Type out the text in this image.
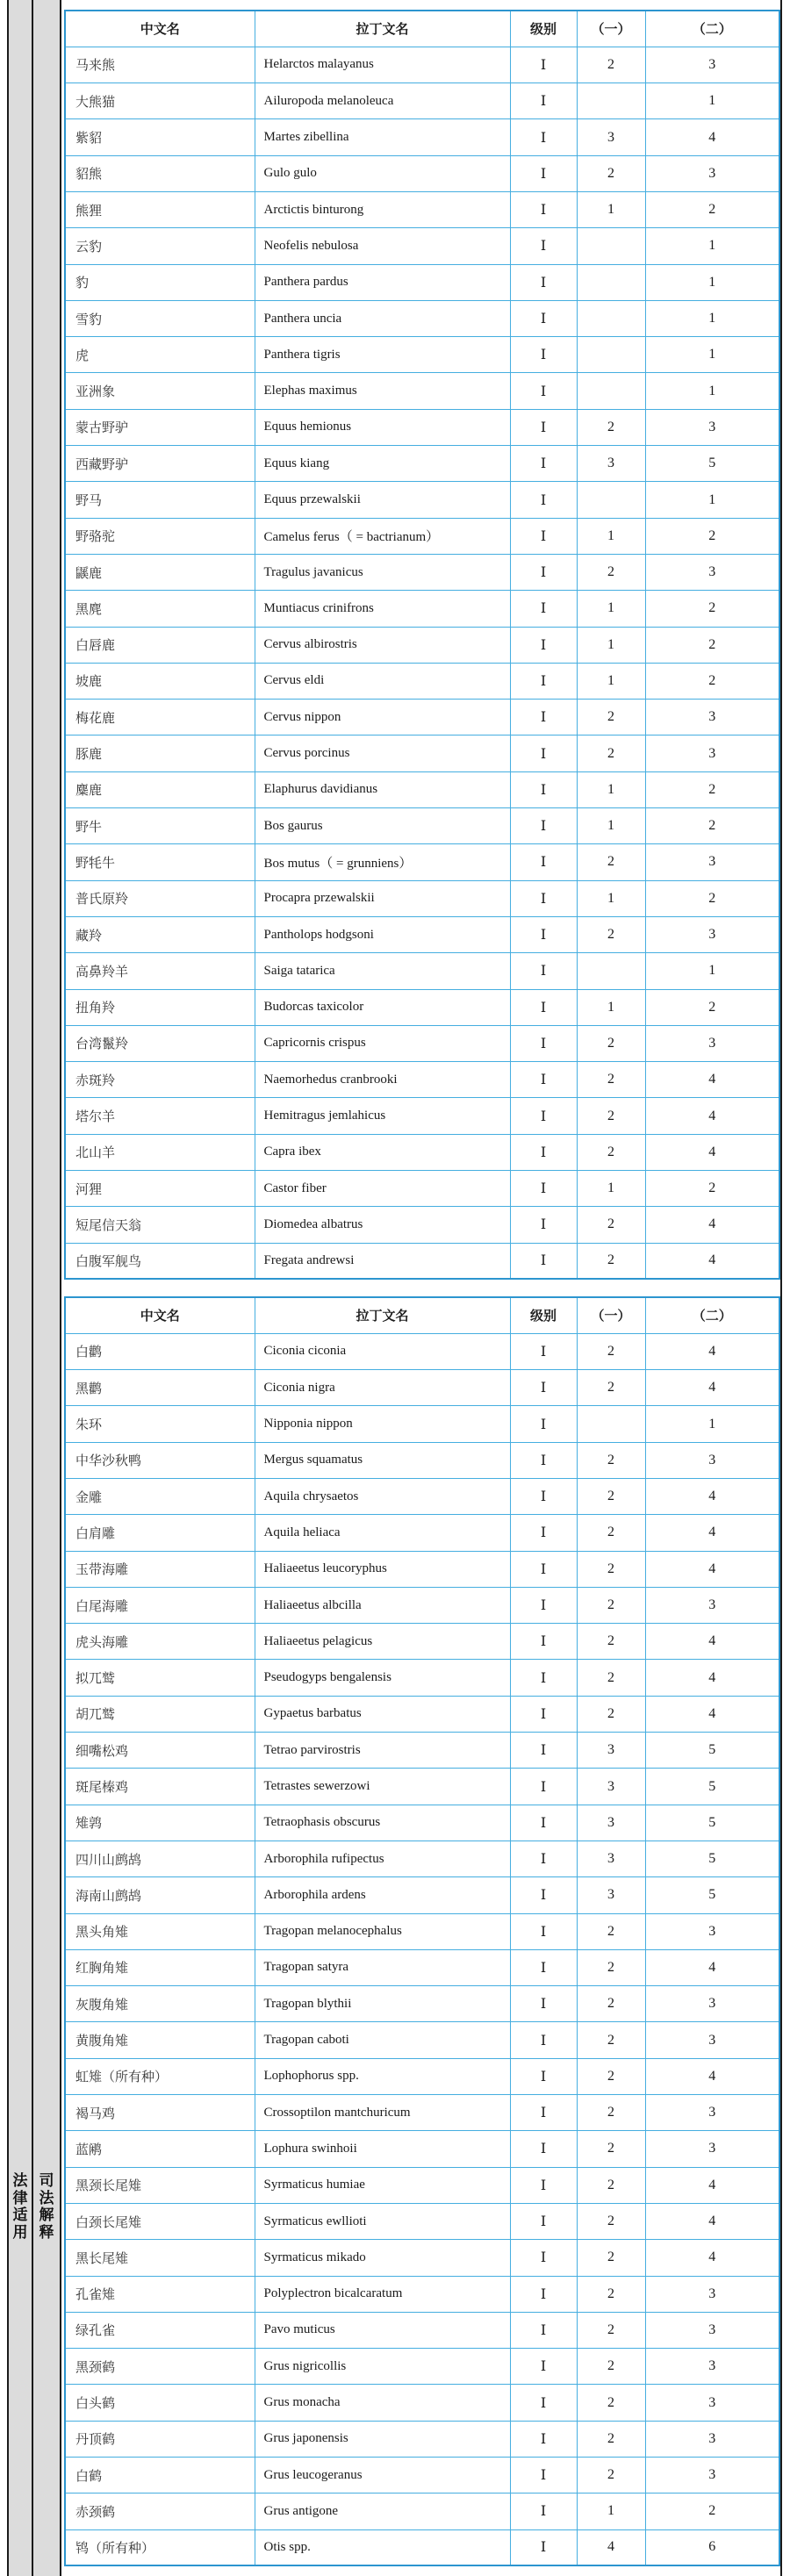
法
律
适
用
司
法
解
释
中文名	拉丁文名	级别	（一）	（二）
马来熊	Helarctos malayanus	Ⅰ	2	3
大熊猫	Ailuropoda melanoleuca	Ⅰ		1
紫貂	Martes zibellina	Ⅰ	3	4
貂熊	Gulo gulo	Ⅰ	2	3
熊狸	Arctictis binturong	Ⅰ	1	2
云豹	Neofelis nebulosa	Ⅰ		1
豹	Panthera pardus	Ⅰ		1
雪豹	Panthera uncia	Ⅰ		1
虎	Panthera tigris	Ⅰ		1
亚洲象	Elephas maximus	Ⅰ		1
蒙古野驴	Equus hemionus	Ⅰ	2	3
西藏野驴	Equus kiang	Ⅰ	3	5
野马	Equus przewalskii	Ⅰ		1
野骆驼	Camelus ferus（ = bactrianum）	Ⅰ	1	2
鼷鹿	Tragulus javanicus	Ⅰ	2	3
黑麂	Muntiacus crinifrons	Ⅰ	1	2
白唇鹿	Cervus albirostris	Ⅰ	1	2
坡鹿	Cervus eldi	Ⅰ	1	2
梅花鹿	Cervus nippon	Ⅰ	2	3
豚鹿	Cervus porcinus	Ⅰ	2	3
麋鹿	Elaphurus davidianus	Ⅰ	1	2
野牛	Bos gaurus	Ⅰ	1	2
野牦牛	Bos mutus（ = grunniens）	Ⅰ	2	3
普氏原羚	Procapra przewalskii	Ⅰ	1	2
藏羚	Pantholops hodgsoni	Ⅰ	2	3
高鼻羚羊	Saiga tatarica	Ⅰ		1
扭角羚	Budorcas taxicolor	Ⅰ	1	2
台湾鬣羚	Capricornis crispus	Ⅰ	2	3
赤斑羚	Naemorhedus cranbrooki	Ⅰ	2	4
塔尔羊	Hemitragus jemlahicus	Ⅰ	2	4
北山羊	Capra ibex	Ⅰ	2	4
河狸	Castor fiber	Ⅰ	1	2
短尾信天翁	Diomedea albatrus	Ⅰ	2	4
白腹军舰鸟	Fregata andrewsi	Ⅰ	2	4
中文名	拉丁文名	级别	（一）	（二）
白鹳	Ciconia ciconia	Ⅰ	2	4
黑鹳	Ciconia nigra	Ⅰ	2	4
朱环	Nipponia nippon	Ⅰ		1
中华沙秋鸭	Mergus squamatus	Ⅰ	2	3
金雕	Aquila chrysaetos	Ⅰ	2	4
白肩雕	Aquila heliaca	Ⅰ	2	4
玉带海雕	Haliaeetus leucoryphus	Ⅰ	2	4
白尾海雕	Haliaeetus albcilla	Ⅰ	2	3
虎头海雕	Haliaeetus pelagicus	Ⅰ	2	4
拟兀鹫	Pseudogyps bengalensis	Ⅰ	2	4
胡兀鹫	Gypaetus barbatus	Ⅰ	2	4
细嘴松鸡	Tetrao parvirostris	Ⅰ	3	5
斑尾榛鸡	Tetrastes sewerzowi	Ⅰ	3	5
雉鹑	Tetraophasis obscurus	Ⅰ	3	5
四川山鹧鸪	Arborophila rufipectus	Ⅰ	3	5
海南山鹧鸪	Arborophila ardens	Ⅰ	3	5
黑头角雉	Tragopan melanocephalus	Ⅰ	2	3
红胸角雉	Tragopan satyra	Ⅰ	2	4
灰腹角雉	Tragopan blythii	Ⅰ	2	3
黄腹角雉	Tragopan caboti	Ⅰ	2	3
虹雉（所有种）	Lophophorus spp.	Ⅰ	2	4
褐马鸡	Crossoptilon mantchuricum	Ⅰ	2	3
蓝鹇	Lophura swinhoii	Ⅰ	2	3
黑颈长尾雉	Syrmaticus humiae	Ⅰ	2	4
白颈长尾雉	Syrmaticus ewllioti	Ⅰ	2	4
黑长尾雉	Syrmaticus mikado	Ⅰ	2	4
孔雀雉	Polyplectron bicalcaratum	Ⅰ	2	3
绿孔雀	Pavo muticus	Ⅰ	2	3
黑颈鹤	Grus nigricollis	Ⅰ	2	3
白头鹤	Grus monacha	Ⅰ	2	3
丹顶鹤	Grus japonensis	Ⅰ	2	3
白鹤	Grus leucogeranus	Ⅰ	2	3
赤颈鹤	Grus antigone	Ⅰ	1	2
鸨（所有种）	Otis spp.	Ⅰ	4	6
